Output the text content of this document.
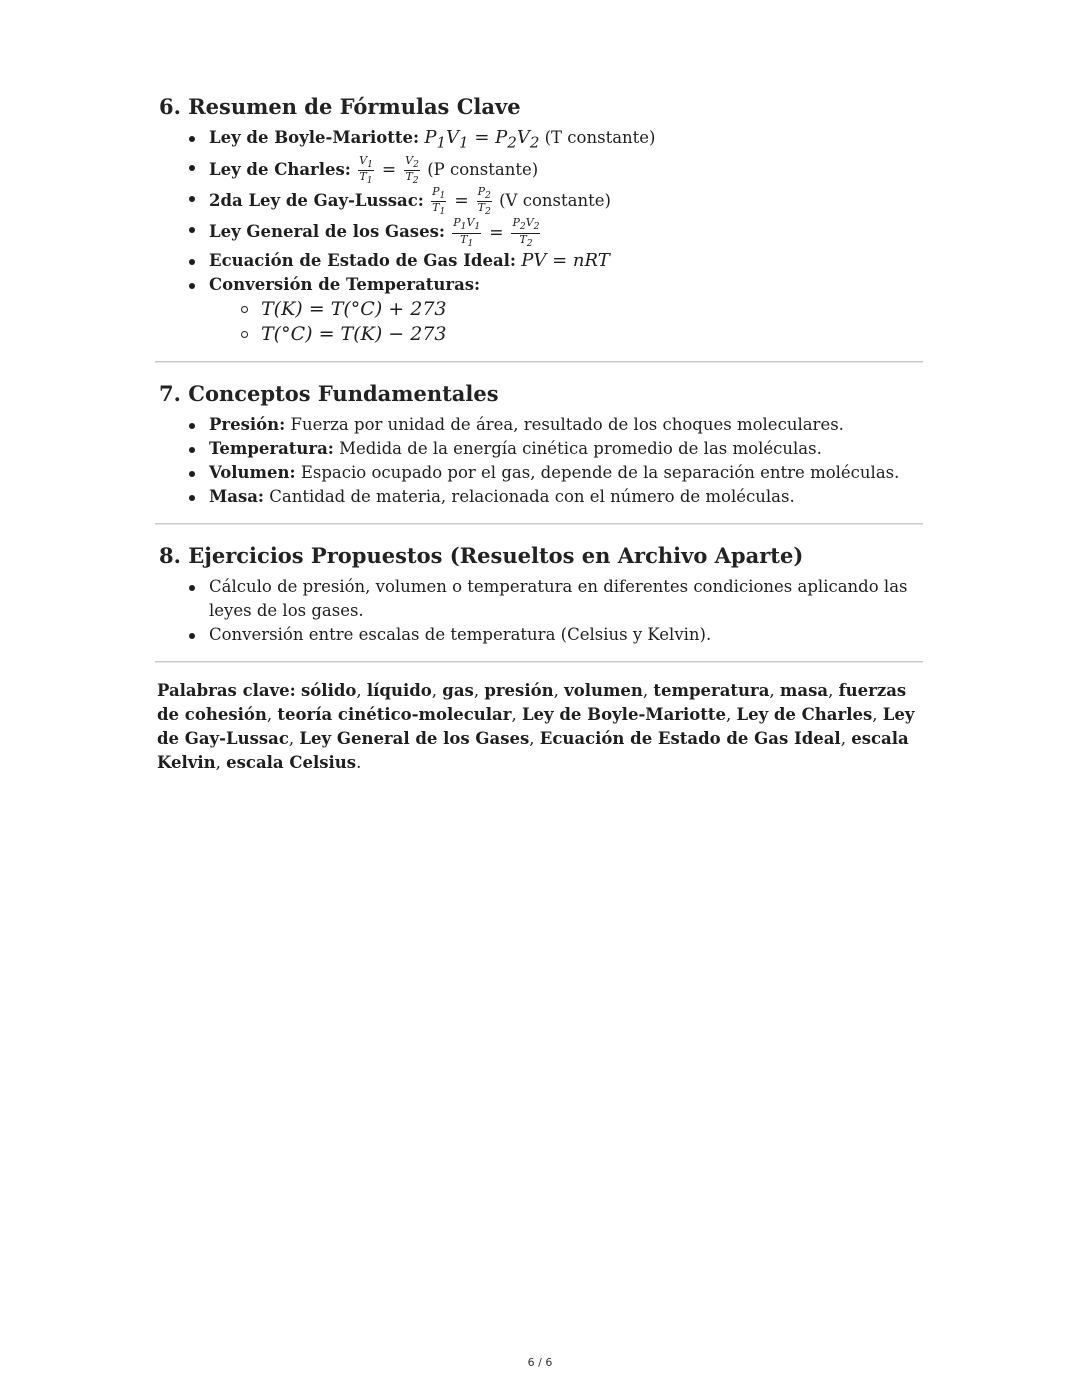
6. Resumen de Fórmulas Clave
Ley de Boyle-Mariotte: $P_1V_1 = P_2V_2$ (T constante)
Ley de Charles: $\frac{V_1}{T_1} = \frac{V_2}{T_2} (P$ constante)
2da Ley de Gay-Lussac: $\frac{P_1}{T_1} = \frac{P_2}{T_2} (V$ constante)
Ley General de los Gases: $\frac{P_1V_1}{T_1} = \frac{P_2V_2}{T_2}$
Ecuación de Estado de Gas Ideal: PV = nRT
Conversión de Temperaturas:
T(K) = T(°C) + 273
T(°C) = T(K) − 273
7. Conceptos Fundamentales
Presión: Fuerza por unidad de área, resultado de los choques moleculares.
Temperatura: Medida de la energía cinética promedio de las moléculas.
Volumen: Espacio ocupado por el gas, depende de la separación entre moléculas.
Masa: Cantidad de materia, relacionada con el número de moléculas.
8. Ejercicios Propuestos (Resueltos en Archivo Aparte)
Cálculo de presión, volumen o temperatura en diferentes condiciones aplicando las leyes de los gases.
Conversión entre escalas de temperatura (Celsius y Kelvin).

Palabras clave: sólido, líquido, gas, presión, volumen, temperatura, masa, fuerzas de cohesión, teoría cinético-molecular, Ley de Boyle-Mariotte, Ley de Charles, Ley de Gay-Lussac, Ley General de los Gases, Ecuación de Estado de Gas Ideal, escala Kelvin, escala Celsius.

6 / 6
